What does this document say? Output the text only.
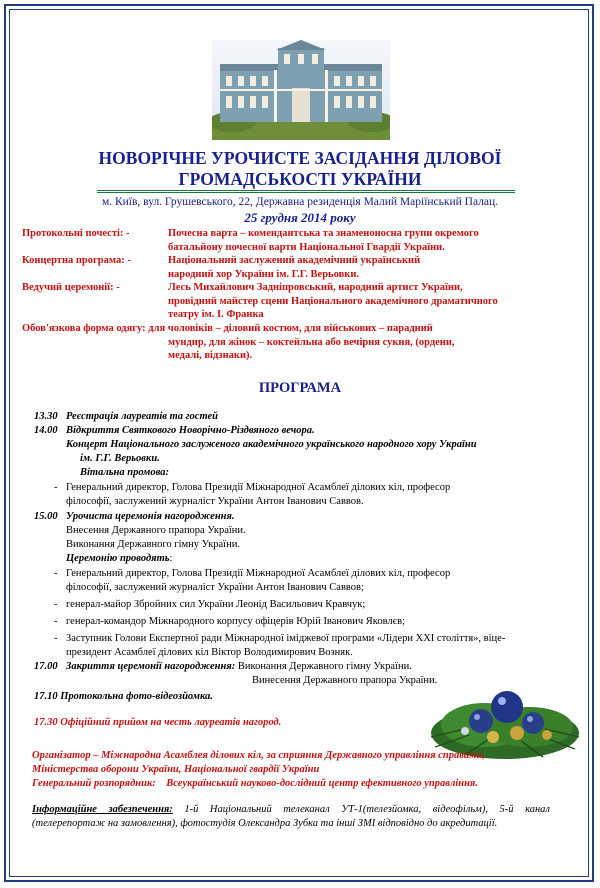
НОВОРІЧНЕ УРОЧИСТЕ ЗАСІДАННЯ ДІЛОВОЇ
ГРОМАДСЬКОСТІ УКРАЇНИ
м. Київ, вул. Грушевського, 22, Державна резиденція Малий Маріїнський Палац.
25 грудня 2014 року
Протокольні почесті: -	Почесна варта – комендантська та знаменоносна групи окремого
батальйону почесної варти Національної Гвардії України.
Концертна програма: -	Національний заслужений академічний український
народний хор України ім. Г.Г. Верьовки.
Ведучий церемонії: -	Лесь Михайлович Задніпровський, народний артист України,
провідний майстер сцени Національного академічного драматичного
театру ім. І. Франка
Обов'язкова форма одягу: для чоловіків – діловий костюм, для військових – парадний
мундир, для жінок – коктейльна або вечірня сукня, (ордени,
медалі, відзнаки).
ПРОГРАМА
13.30 Реєстрація лауреатів та гостей
14.00 Відкриття Святкового Новорічно-Різдвяного вечора.
Концерт Національного заслуженого академічного українського народного хору України
ім. Г.Г. Верьовки.
Вітальна промова:
- Генеральний директор, Голова Президії Міжнародної Асамблеї ділових кіл, професор
філософії, заслужений журналіст України Антон Іванович Саввов.
15.00 Урочиста церемонія нагородження.
Внесення Державного прапора України.
Виконання Державного гімну України.
Церемонію проводять:
- Генеральний директор, Голова Президії Міжнародної Асамблеї ділових кіл, професор
філософії, заслужений журналіст України Антон Іванович Саввов;
- генерал-майор Збройних сил України Леонід Васильович Кравчук;
- генерал-командор Міжнародного корпусу офіцерів Юрій Іванович Яковлєв;
- Заступник Голови Експертної ради Міжнародної іміджевої програми «Лідери XXI століття», віце-
президент Асамблеї ділових кіл Віктор Володимирович Возняк.
17.00 Закриття церемонії нагородження: Виконання Державного гімну України.
Винесення Державного прапора України.
17.10 Протокольна фото-відеозйомка.
17.30 Офіційний прийом на честь лауреатів нагород.
Організатор – Міжнародна Асамблея ділових кіл, за сприяння Державного управління справами,
Міністерства оборони України, Національної гвардії України
Генеральний розпорядник: Всеукраїнський науково-дослідний центр ефективного управління.
Інформаційне забезпечення: 1-й Національний телеканал УТ-1(телезйомка, відеофільм), 5-й канал (телерепортаж на замовлення), фотостудія Олександра Зубка та інші ЗМІ відповідно до акредитації.
